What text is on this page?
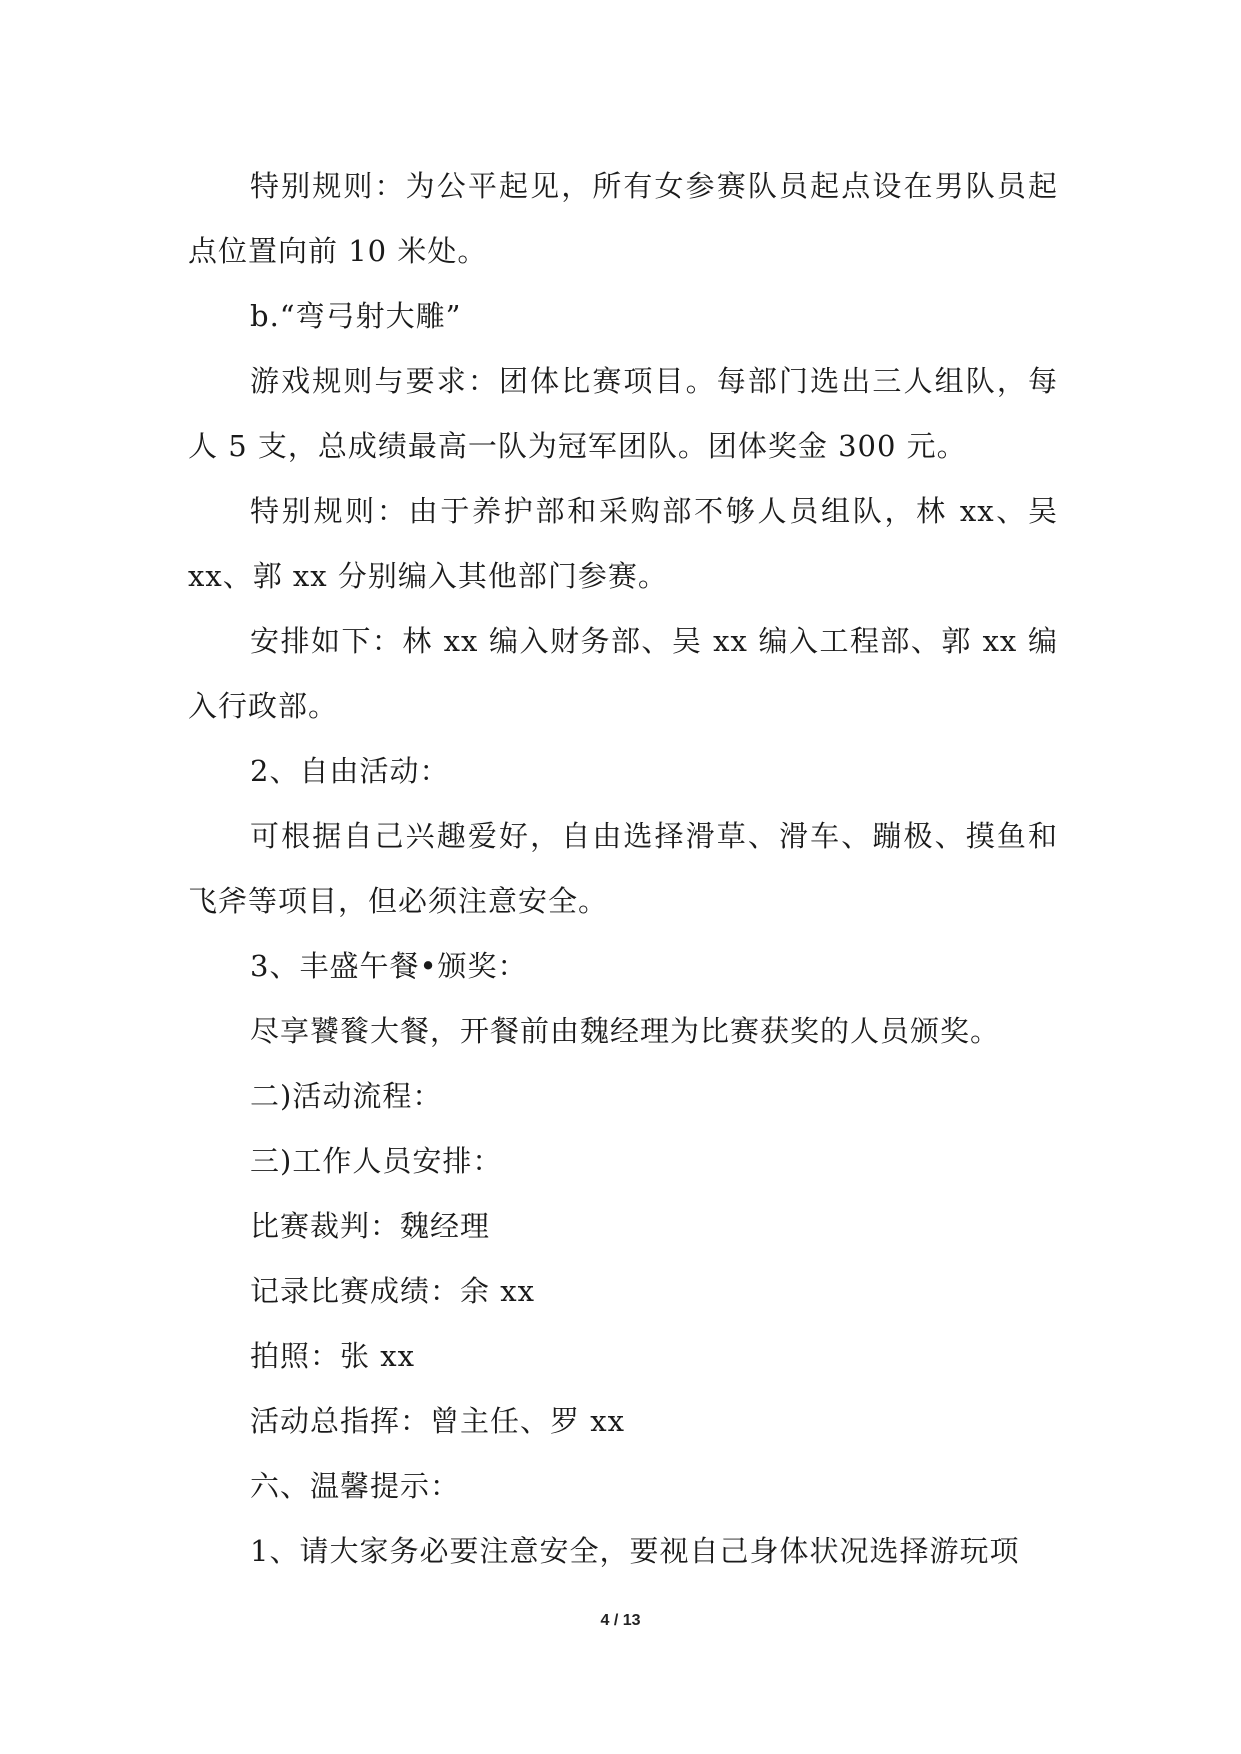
特别规则：为公平起见，所有女参赛队员起点设在男队员起点位置向前 10 米处。

b.“弯弓射大雕”

游戏规则与要求：团体比赛项目。每部门选出三人组队，每人 5 支，总成绩最高一队为冠军团队。团体奖金 300 元。

特别规则：由于养护部和采购部不够人员组队，林 xx、吴 xx、郭 xx 分别编入其他部门参赛。

安排如下：林 xx 编入财务部、吴 xx 编入工程部、郭 xx 编入行政部。

2、自由活动：

可根据自己兴趣爱好，自由选择滑草、滑车、蹦极、摸鱼和飞斧等项目，但必须注意安全。

3、丰盛午餐•颁奖：

尽享饕餮大餐，开餐前由魏经理为比赛获奖的人员颁奖。

二)活动流程：

三)工作人员安排：

比赛裁判：魏经理

记录比赛成绩：余 xx

拍照：张 xx

活动总指挥：曾主任、罗 xx

六、温馨提示：

1、请大家务必要注意安全，要视自己身体状况选择游玩项

4 / 13
